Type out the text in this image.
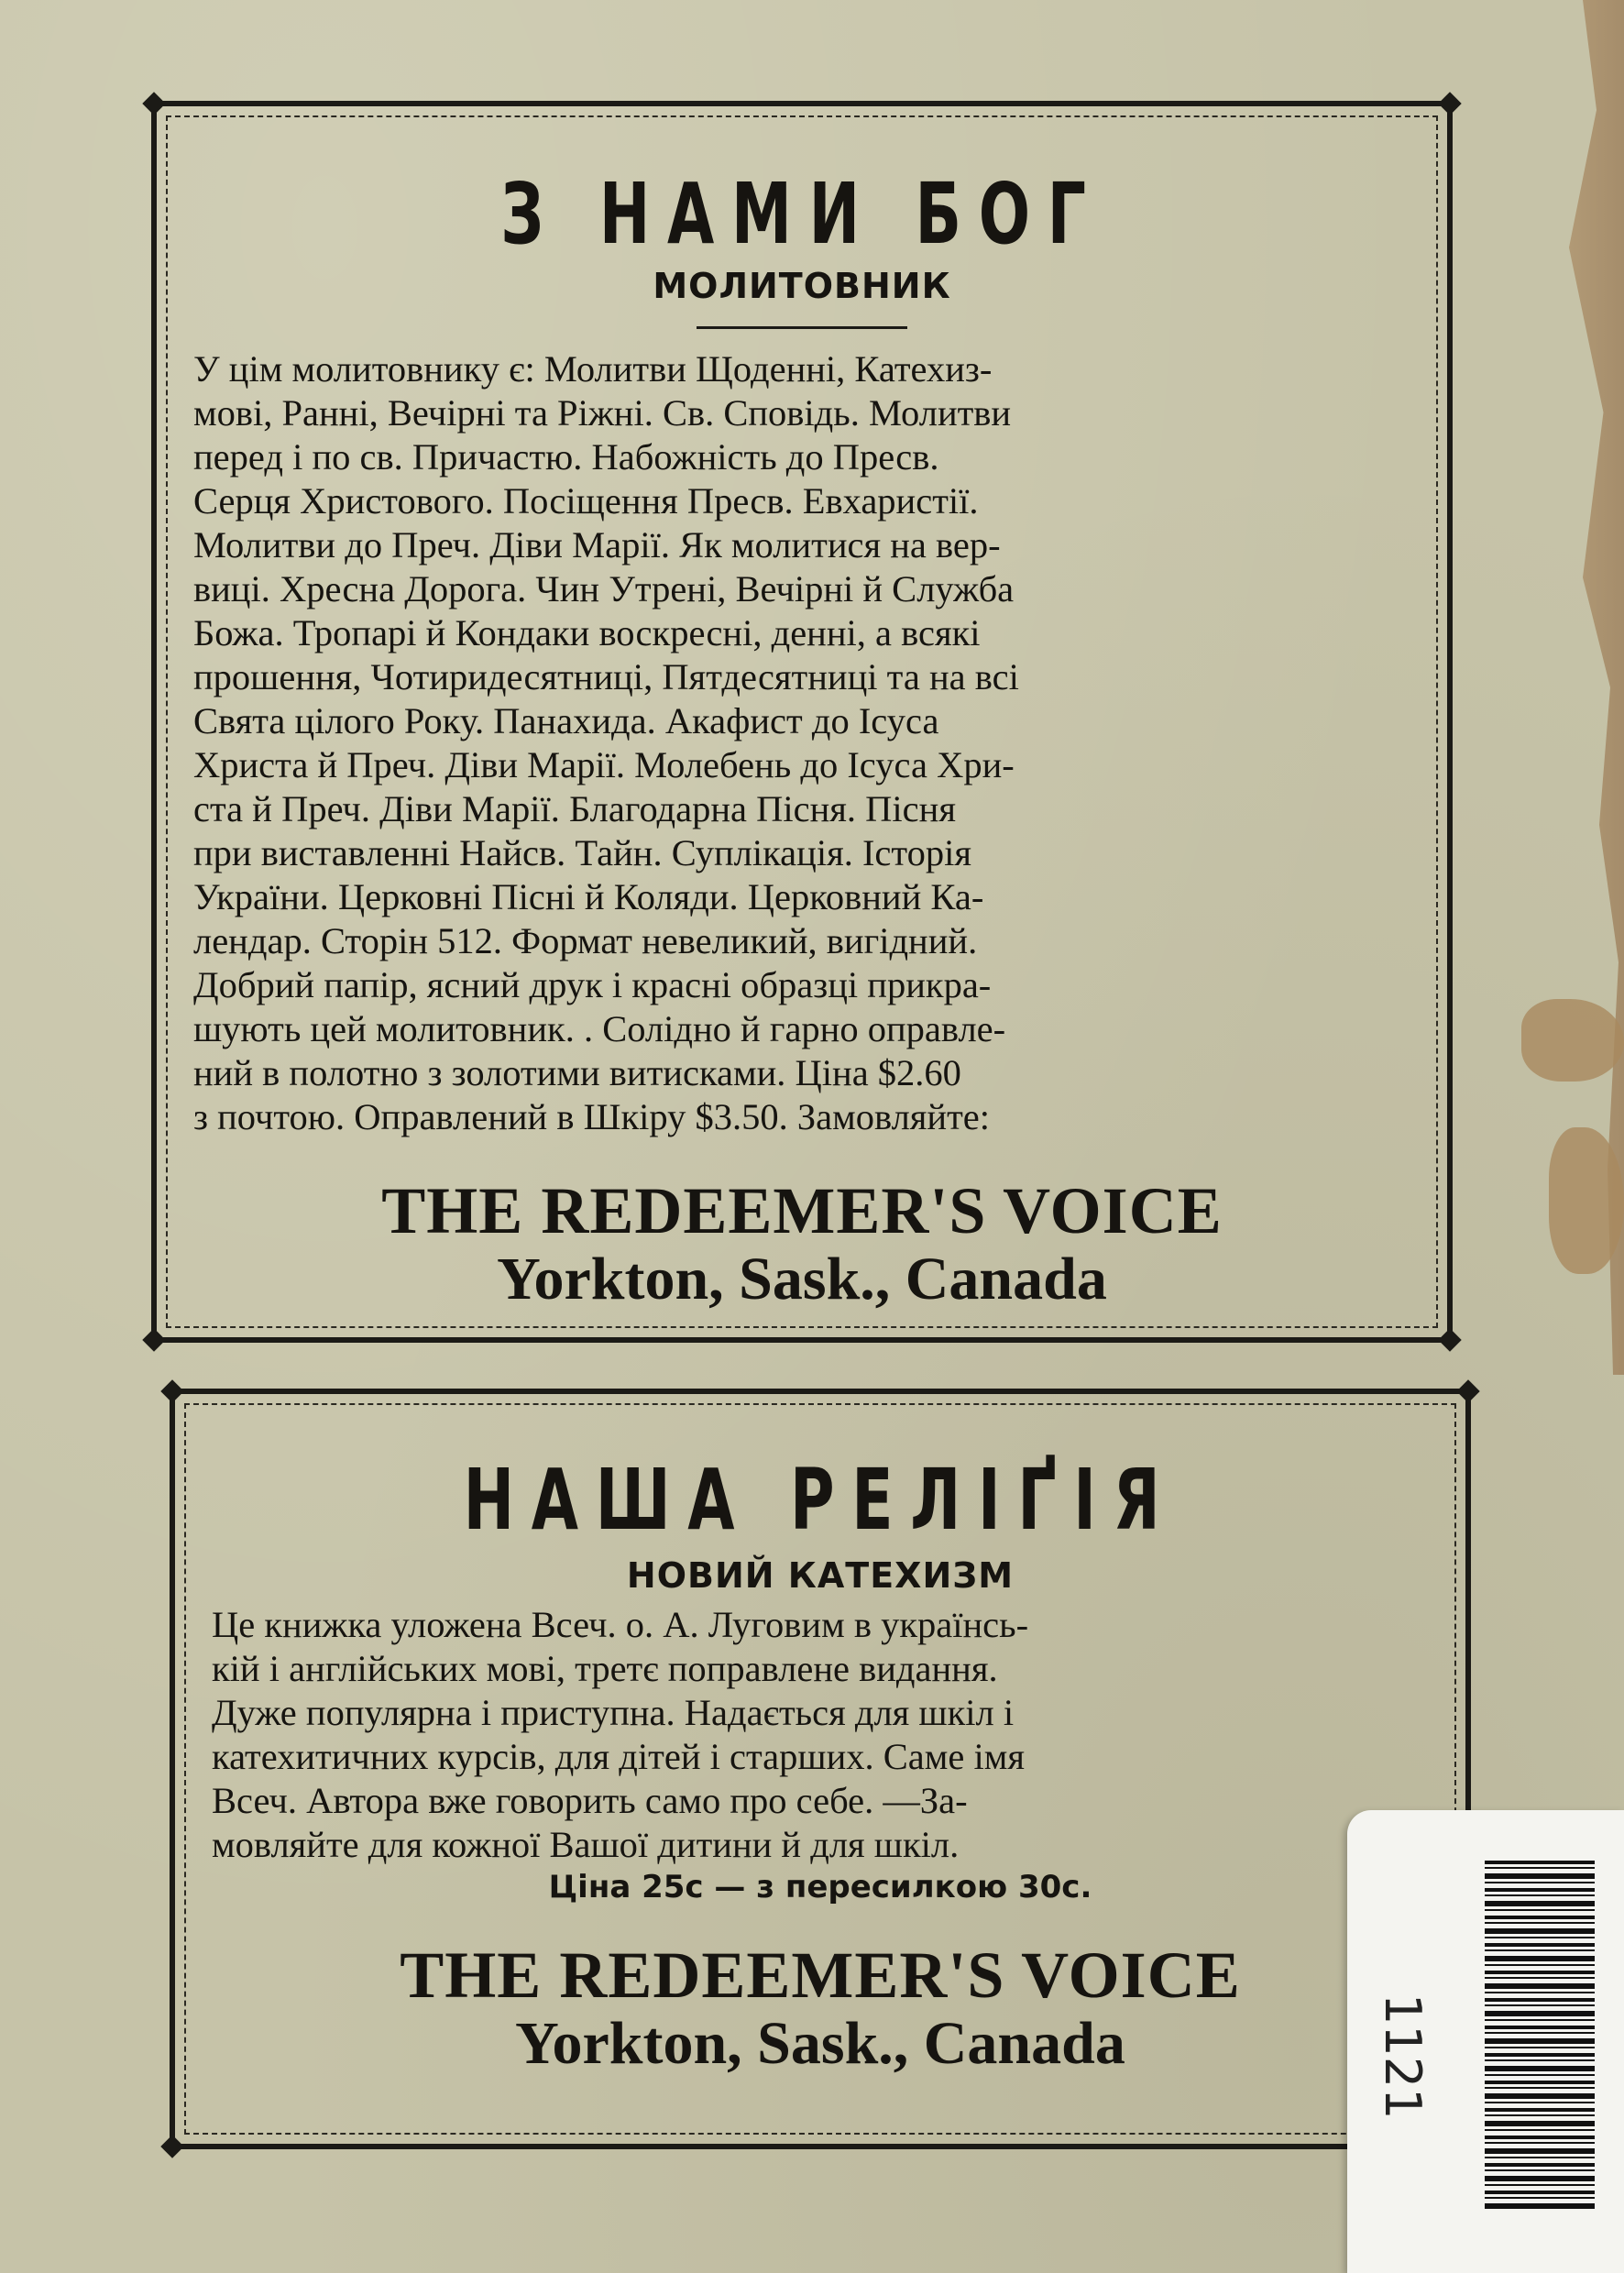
З НАМИ БОГ
МОЛИТОВНИК
У цім молитовнику є: Молитви Щоденні, Катехиз-
мові, Ранні, Вечірні та Ріжні. Св. Сповідь. Молитви
перед і по св. Причастю. Набожність до Пресв.
Серця Христового. Посіщення Пресв. Евхаристії.
Молитви до Преч. Діви Марії. Як молитися на вер-
виці. Хресна Дорога. Чин Утрені, Вечірні й Служба
Божа. Тропарі й Кондаки воскресні, денні, а всякі
прошення, Чотиридесятниці, Пятдесятниці та на всі
Свята цілого Року. Панахида. Акафист до Ісуса
Христа й Преч. Діви Марії. Молебень до Ісуса Хри-
ста й Преч. Діви Марії. Благодарна Пісня. Пісня
при виставленні Найсв. Тайн. Суплікація. Історія
України. Церковні Пісні й Коляди. Церковний Ка-
лендар. Сторін 512. Формат невеликий, вигідний.
Добрий папір, ясний друк і красні образці прикра-
шують цей молитовник. . Солідно й гарно оправле-
ний в полотно з золотими витисками. Ціна $2.60
з почтою. Оправлений в Шкіру $3.50. Замовляйте:
THE REDEEMER'S VOICE
Yorkton, Sask., Canada
НАША РЕЛІҐІЯ
НОВИЙ КАТЕХИЗМ
Це книжка уложена Всеч. о. А. Луговим в українсь-
кій і англійських мові, третє поправлене видання.
Дуже популярна і приступна. Надається для шкіл і
катехитичних курсів, для дітей і старших. Саме імя
Всеч. Автора вже говорить само про себе. —За-
мовляйте для кожної Вашої дитини й для шкіл.
Ціна 25c — з пересилкою 30c.
THE REDEEMER'S VOICE
Yorkton, Sask., Canada	1121
